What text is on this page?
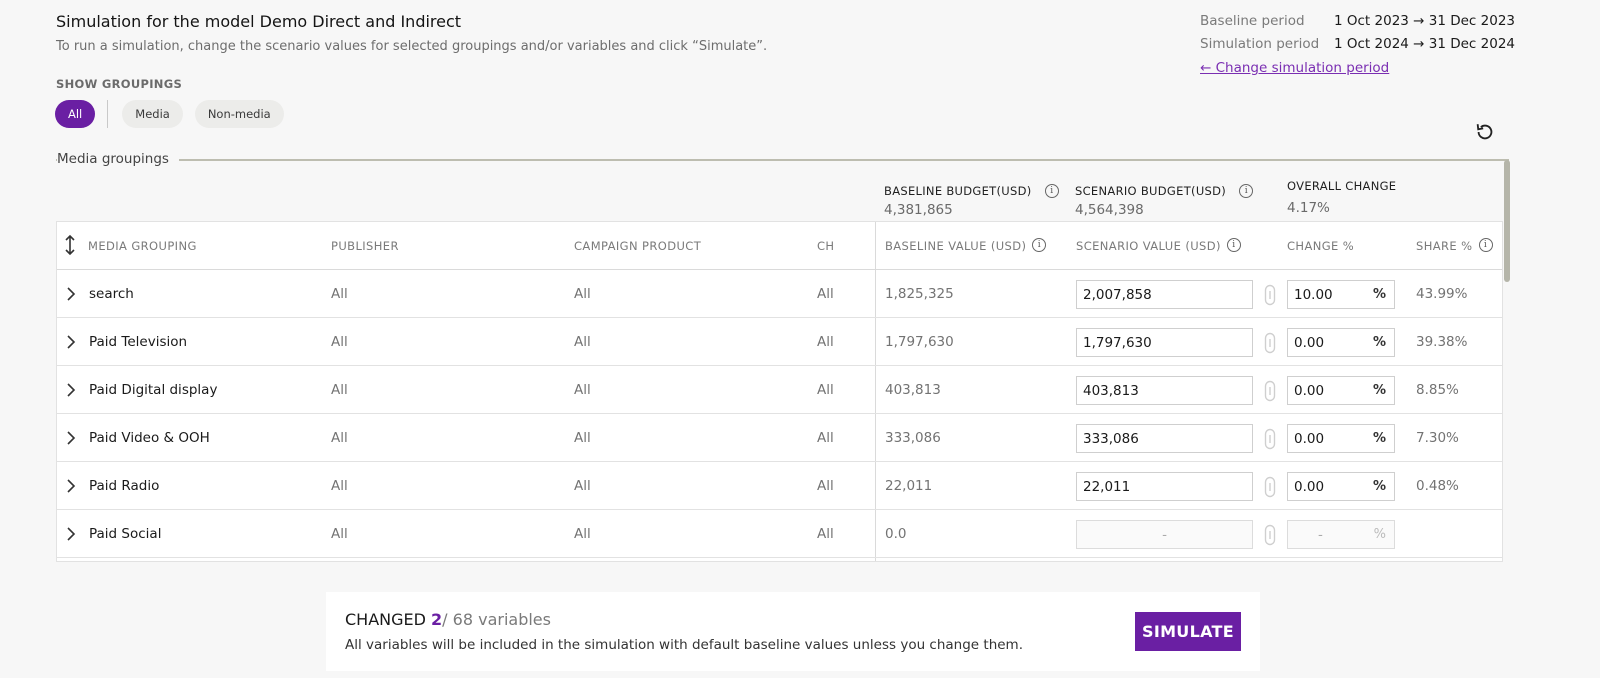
Simulation for the model Demo Direct and Indirect
To run a simulation, change the scenario values for selected groupings and/or variables and click “Simulate”.
SHOW GROUPINGS
All	Media	Non-media
Baseline period 1 Oct 2023 → 31 Dec 2023
Simulation period 1 Oct 2024 → 31 Dec 2024
← Change simulation period
Media groupings
BASELINE BUDGET(USD) i
4,381,865
SCENARIO BUDGET(USD) i
4,564,398
OVERALL CHANGE
4.17%
MEDIA GROUPING	PUBLISHER	CAMPAIGN PRODUCT	CH	BASELINE VALUE (USD) i	SCENARIO VALUE (USD) i	CHANGE %	SHARE % i
search	All	All	All	1,825,325	2,007,858	10.00	% 43.99%
Paid Television	All	All	All	1,797,630	1,797,630	0.00	% 39.38%
Paid Digital display	All	All	All	403,813	403,813	0.00	% 8.85%
Paid Video & OOH	All	All	All	333,086	333,086	0.00	% 7.30%
Paid Radio	All	All	All	22,011	22,011	0.00	% 0.48%
Paid Social	All	All	All	0.0	-	-	%
CHANGED 2/ 68 variables
All variables will be included in the simulation with default baseline values unless you change them.
SIMULATE
